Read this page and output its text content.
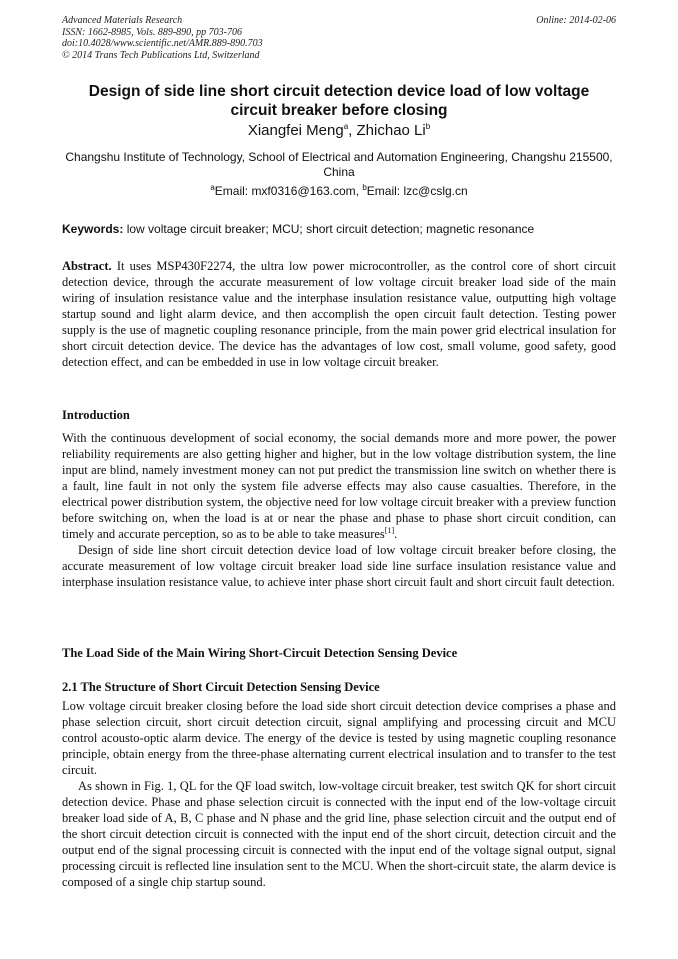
Advanced Materials Research
ISSN: 1662-8985, Vols. 889-890, pp 703-706
doi:10.4028/www.scientific.net/AMR.889-890.703
© 2014 Trans Tech Publications Ltd, Switzerland
Online: 2014-02-06
Design of side line short circuit detection device load of low voltage circuit breaker before closing
Xiangfei Meng$^a$, Zhichao Li$^b$
Changshu Institute of Technology, School of Electrical and Automation Engineering, Changshu 215500, China
$^a$Email: mxf0316@163.com, $^b$Email: lzc@cslg.cn
Keywords: low voltage circuit breaker; MCU; short circuit detection; magnetic resonance

Abstract. It uses MSP430F2274, the ultra low power microcontroller, as the control core of short circuit detection device, through the accurate measurement of low voltage circuit breaker load side of the main wiring of insulation resistance value and the interphase insulation resistance value, outputting high voltage startup sound and light alarm device, and then accomplish the open circuit fault detection. Testing power supply is the use of magnetic coupling resonance principle, from the main power grid electrical insulation for short circuit detection device. The device has the advantages of low cost, small volume, good safety, good detection effect, and can be embedded in use in low voltage circuit breaker.

Introduction

With the continuous development of social economy, the social demands more and more power, the power reliability requirements are also getting higher and higher, but in the low voltage distribution system, the line input are blind, namely investment money can not put predict the transmission line switch on whether there is a fault, line fault in not only the system file adverse effects may also cause casualties. Therefore, in the electrical power distribution system, the objective need for low voltage circuit breaker with a preview function before switching on, when the load is at or near the phase and phase to phase short circuit condition, can timely and accurate perception, so as to be able to take measures[1].

Design of side line short circuit detection device load of low voltage circuit breaker before closing, the accurate measurement of low voltage circuit breaker load side line surface insulation resistance value and interphase insulation resistance value, to achieve inter phase short circuit fault and short circuit fault detection.

The Load Side of the Main Wiring Short-Circuit Detection Sensing Device
2.1 The Structure of Short Circuit Detection Sensing Device

Low voltage circuit breaker closing before the load side short circuit detection device comprises a phase and phase selection circuit, short circuit detection circuit, signal amplifying and processing circuit and MCU control acousto-optic alarm device. The energy of the device is tested by using magnetic coupling resonance principle, obtain energy from the three-phase alternating current electrical insulation and to transfer to the test circuit.

As shown in Fig. 1, QL for the QF load switch, low-voltage circuit breaker, test switch QK for short circuit detection device. Phase and phase selection circuit is connected with the input end of the low-voltage circuit breaker load side of A, B, C phase and N phase and the grid line, phase selection circuit and the output end of the short circuit detection circuit is connected with the input end of the short circuit, detection circuit and the output end of the signal processing circuit is connected with the input end of the voltage signal output, signal processing circuit is reflected line insulation sent to the MCU. When the short-circuit state, the alarm device is composed of a single chip startup sound.
